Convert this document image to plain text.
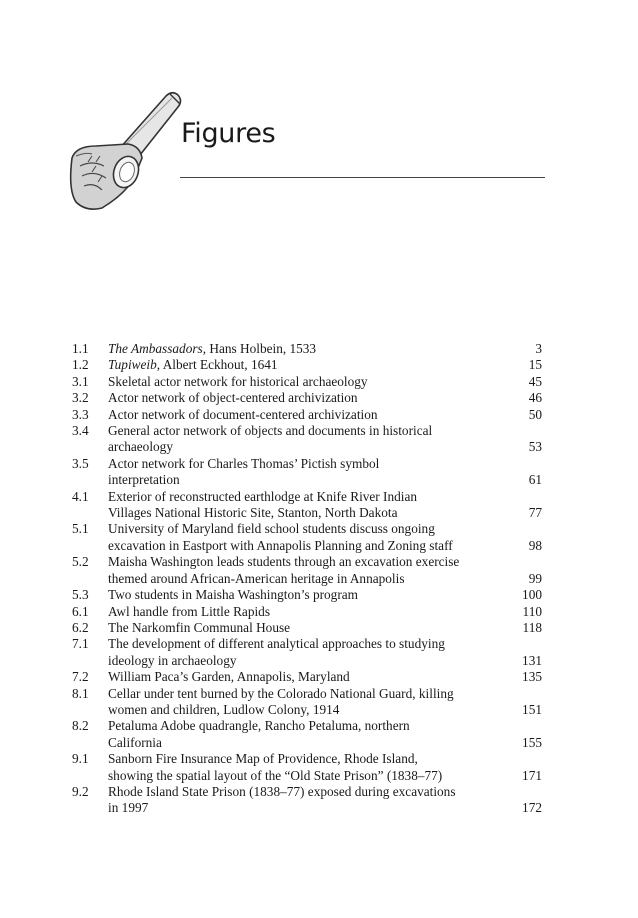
Figures
1.1	The Ambassadors, Hans Holbein, 1533	3
1.2	Tupiweib, Albert Eckhout, 1641	15
3.1	Skeletal actor network for historical archaeology	45
3.2	Actor network of object-centered archivization	46
3.3	Actor network of document-centered archivization	50
3.4	General actor network of objects and documents in historical
archaeology	53
3.5	Actor network for Charles Thomas’ Pictish symbol
interpretation	61
4.1	Exterior of reconstructed earthlodge at Knife River Indian
Villages National Historic Site, Stanton, North Dakota	77
5.1	University of Maryland field school students discuss ongoing
excavation in Eastport with Annapolis Planning and Zoning staff	98
5.2	Maisha Washington leads students through an excavation exercise
themed around African-American heritage in Annapolis	99
5.3	Two students in Maisha Washington’s program	100
6.1	Awl handle from Little Rapids	110
6.2	The Narkomfin Communal House	118
7.1	The development of different analytical approaches to studying
ideology in archaeology	131
7.2	William Paca’s Garden, Annapolis, Maryland	135
8.1	Cellar under tent burned by the Colorado National Guard, killing
women and children, Ludlow Colony, 1914	151
8.2	Petaluma Adobe quadrangle, Rancho Petaluma, northern
California	155
9.1	Sanborn Fire Insurance Map of Providence, Rhode Island,
showing the spatial layout of the “Old State Prison” (1838–77)	171
9.2	Rhode Island State Prison (1838–77) exposed during excavations
in 1997	172
